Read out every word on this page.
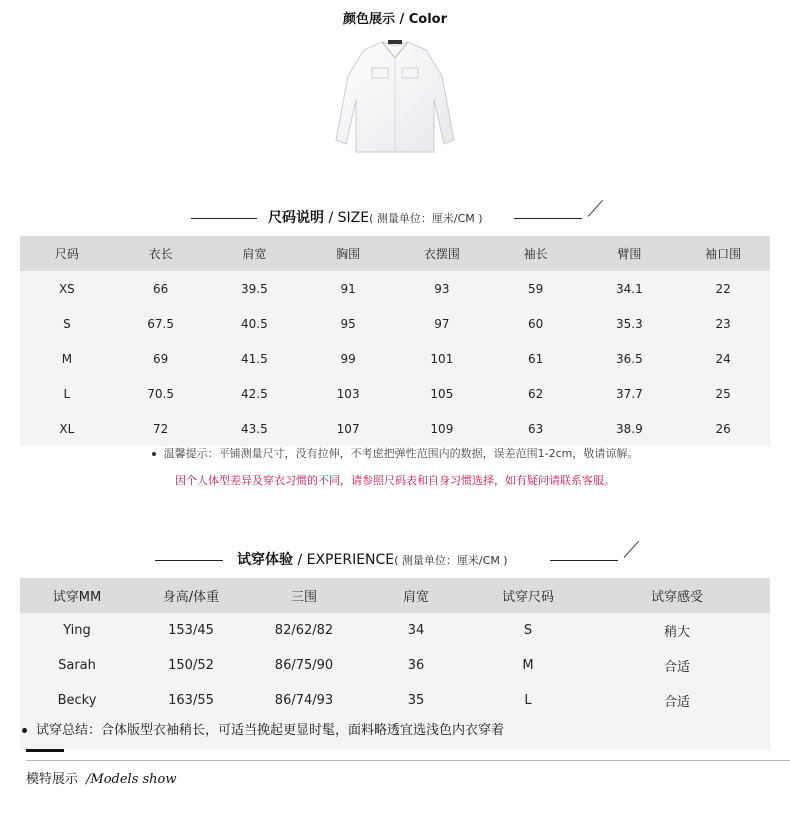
颜色展示 / Color
尺码说明 / SIZE( 测量单位：厘米/CM )
尺码	衣长	肩宽	胸围	衣摆围	袖长	臂围	袖口围
XS	66	39.5	91	93	59	34.1	22
S	67.5	40.5	95	97	60	35.3	23
M	69	41.5	99	101	61	36.5	24
L	70.5	42.5	103	105	62	37.7	25
XL	72	43.5	107	109	63	38.9	26
温馨提示：平铺测量尺寸，没有拉伸，不考虑把弹性范围内的数据，误差范围1-2cm，敬请谅解。
因个人体型差异及穿衣习惯的不同，请参照尺码表和自身习惯选择，如有疑问请联系客服。
试穿体验 / EXPERIENCE( 测量单位：厘米/CM )
试穿MM	身高/体重	三围	肩宽	试穿尺码	试穿感受
Ying	153/45	82/62/82	34	S	稍大
Sarah	150/52	86/75/90	36	M	合适
Becky	163/55	86/74/93	35	L	合适
试穿总结：合体版型衣袖稍长，可适当挽起更显时髦，面料略透宜选浅色内衣穿着
模特展示 /Models show
